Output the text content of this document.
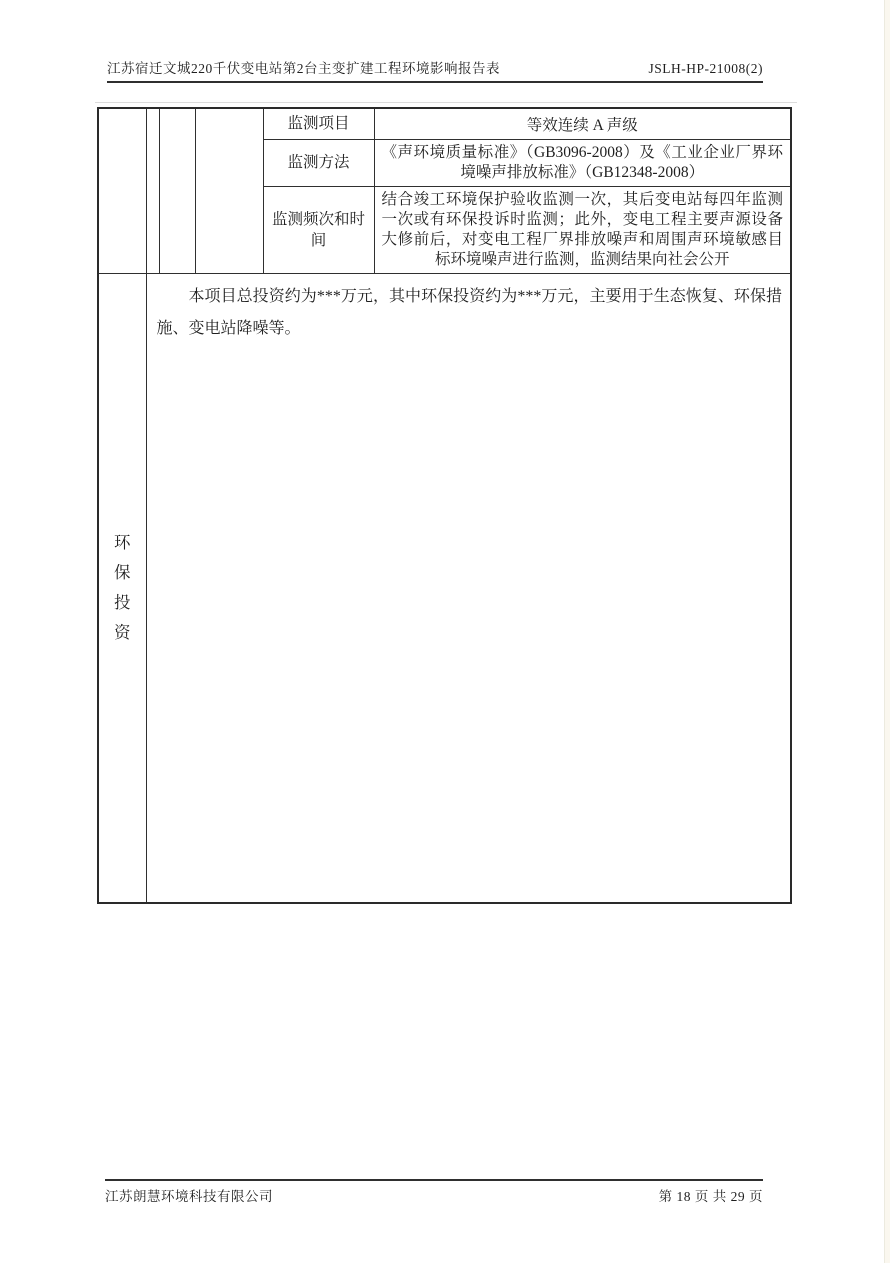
江苏宿迁文城220千伏变电站第2台主变扩建工程环境影响报告表	JSLH-HP-21008(2)
				监测项目	等效连续 A 声级
				监测方法	《声环境质量标准》（GB3096-2008）及《工业企业厂界环境噪声排放标准》（GB12348-2008）
				监测频次和时间	结合竣工环境保护验收监测一次，其后变电站每四年监测一次或有环保投诉时监测；此外，变电工程主要声源设备大修前后，对变电工程厂界排放噪声和周围声环境敏感目标环境噪声进行监测，监测结果向社会公开

环保投资	本项目总投资约为***万元，其中环保投资约为***万元，主要用于生态恢复、环保措施、变电站降噪等。				

江苏朗慧环境科技有限公司	第 18 页 共 29 页
